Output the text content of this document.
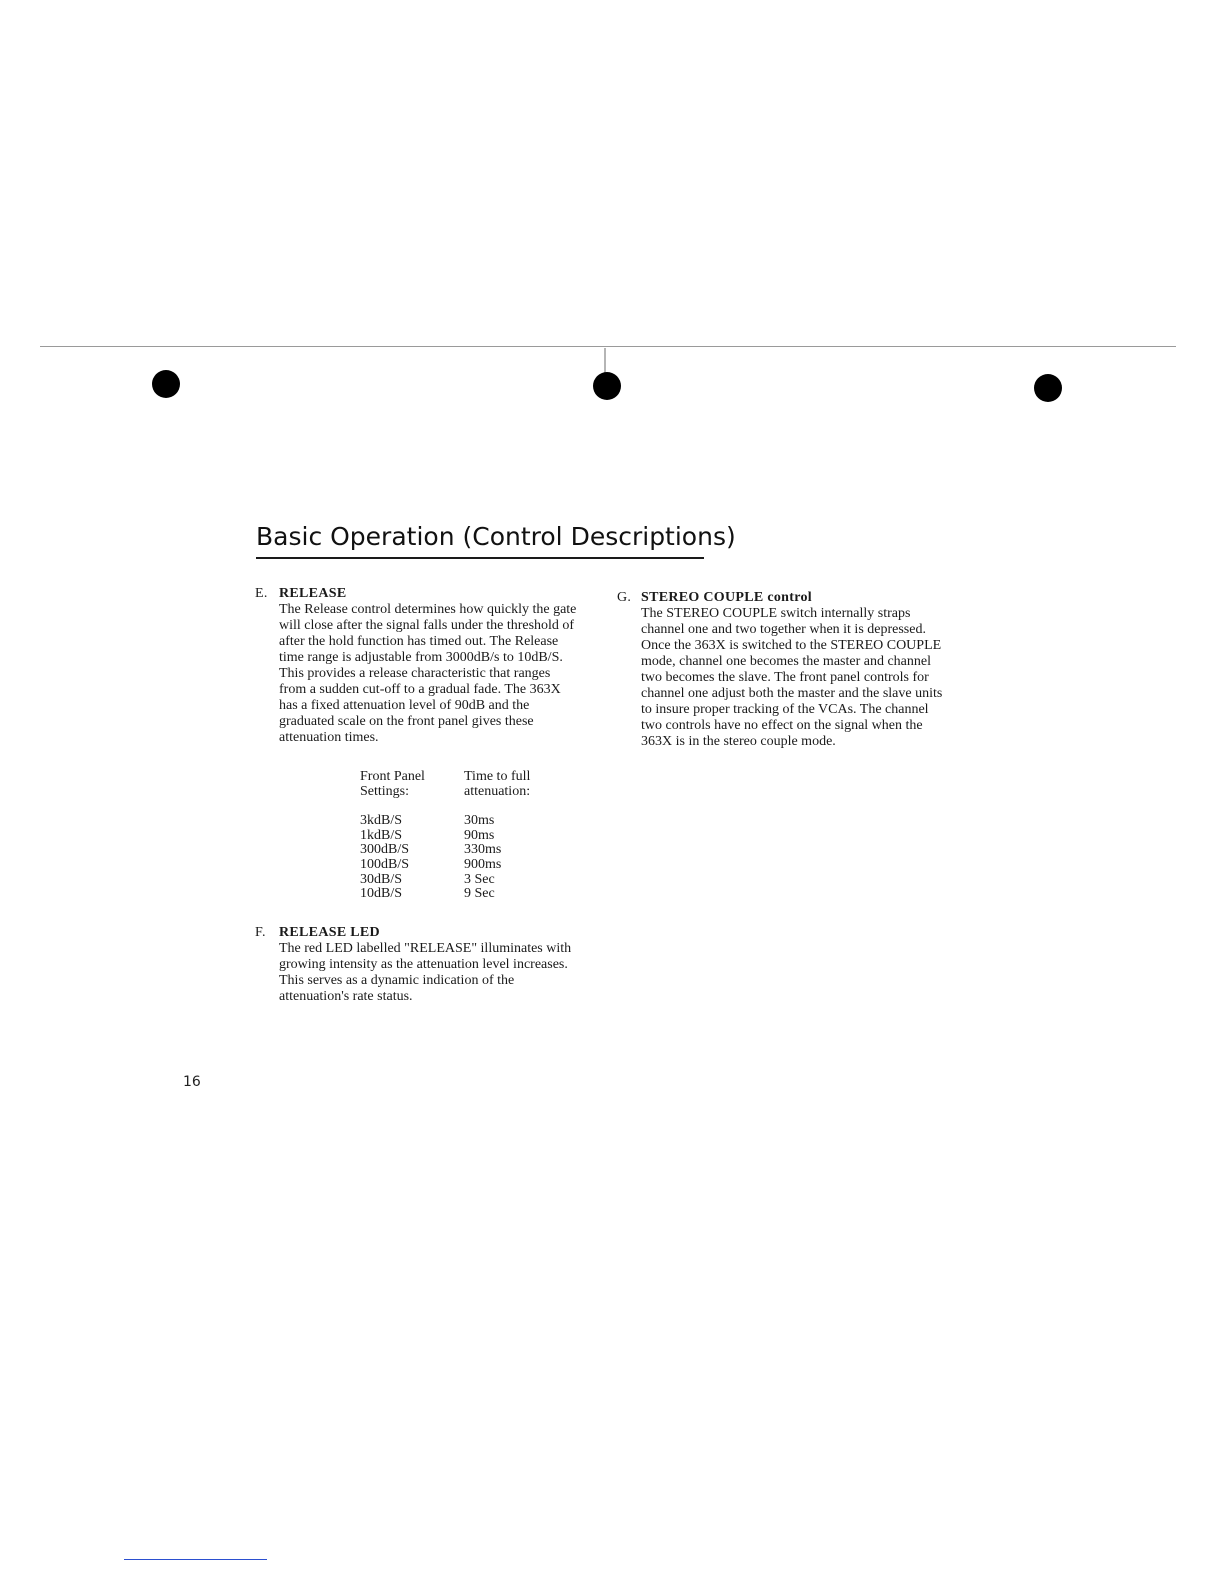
Basic Operation (Control Descriptions)
E. RELEASE

The Release control determines how quickly the gate will close after the signal falls under the threshold of after the hold function has timed out. The Release time range is adjustable from 3000dB/s to 10dB/S. This provides a release characteristic that ranges from a sudden cut-off to a gradual fade. The 363X has a fixed attenuation level of 90dB and the graduated scale on the front panel gives these attenuation times.

Front Panel
Settings:
3kdB/S
1kdB/S
300dB/S
100dB/S
30dB/S
10dB/S
Time to full
attenuation:
30ms
90ms
330ms
900ms
3 Sec
9 Sec
F. RELEASE LED

The red LED labelled "RELEASE" illuminates with growing intensity as the attenuation level increases. This serves as a dynamic indication of the attenuation's rate status.

G. STEREO COUPLE control

The STEREO COUPLE switch internally straps channel one and two together when it is depressed. Once the 363X is switched to the STEREO COUPLE mode, channel one becomes the master and channel two becomes the slave. The front panel controls for channel one adjust both the master and the slave units to insure proper tracking of the VCAs. The channel two controls have no effect on the signal when the 363X is in the stereo couple mode.

16
